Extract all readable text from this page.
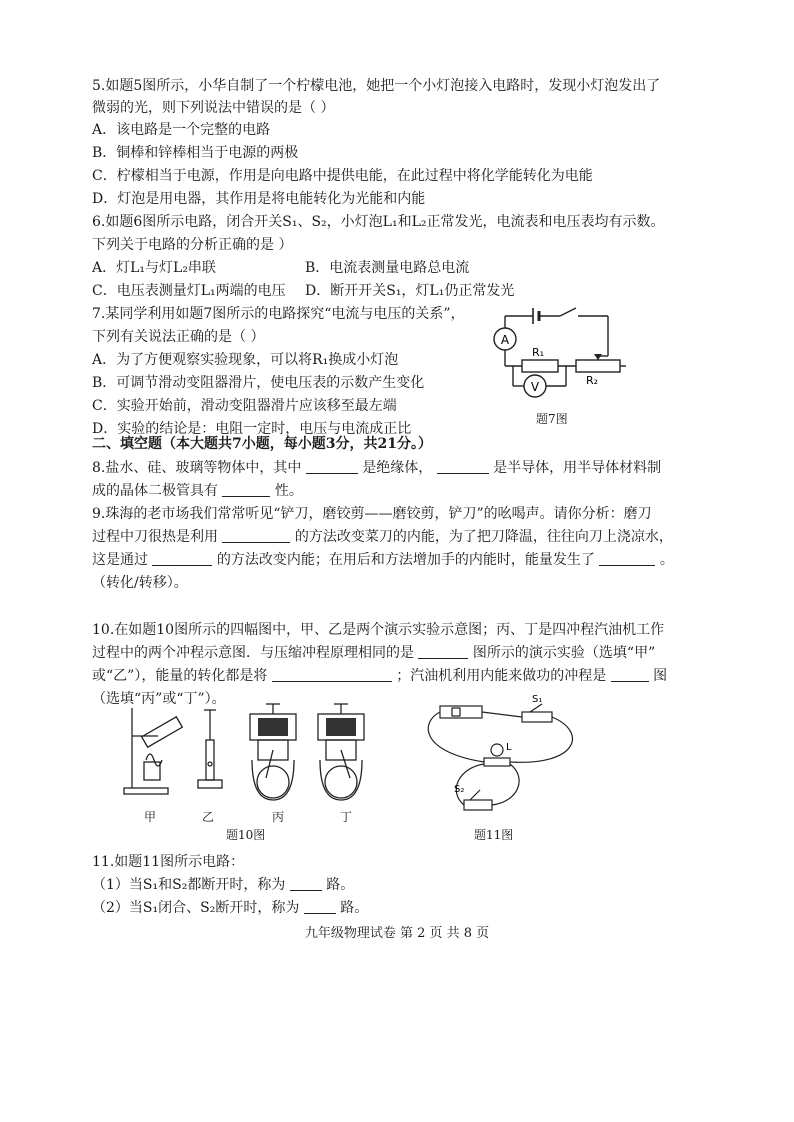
5.如题5图所示，小华自制了一个柠檬电池，她把一个小灯泡接入电路时，发现小灯泡发出了
微弱的光，则下列说法中错误的是（ ）
A．该电路是一个完整的电路
B．铜棒和锌棒相当于电源的两极
C．柠檬相当于电源，作用是向电路中提供电能，在此过程中将化学能转化为电能
D．灯泡是用电器，其作用是将电能转化为光能和内能
6.如题6图所示电路，闭合开关S₁、S₂，小灯泡L₁和L₂正常发光，电流表和电压表均有示数。
下列关于电路的分析正确的是 ）
A．灯L₁与灯L₂串联	B．电流表测量电路总电流
C．电压表测量灯L₁两端的电压 D．断开开关S₁，灯L₁仍正常发光
7.某同学利用如题7图所示的电路探究“电流与电压的关系”，
下列有关说法正确的是（ ）
A．为了方便观察实验现象，可以将R₁换成小灯泡
B．可调节滑动变阻器滑片，使电压表的示数产生变化
C．实验开始前，滑动变阻器滑片应该移至最左端
D．实验的结论是：电阻一定时，电压与电流成正比
A
V
R₁
R₂
题7图
二、填空题（本大题共7小题，每小题3分，共21分。）
8.盐水、硅、玻璃等物体中，其中	是绝缘体，	是半导体，用半导体材料制
成的晶体二极管具有	性。
9.珠海的老市场我们常常听见“铲刀，磨铰剪——磨铰剪，铲刀”的吆喝声。请你分析：磨刀
过程中刀很热是利用	的方法改变菜刀的内能，为了把刀降温，往往向刀上浇凉水，
这是通过	的方法改变内能；在用后和方法增加手的内能时，能量发生了	。
（转化/转移）。
10.在如题10图所示的四幅图中，甲、乙是两个演示实验示意图；丙、丁是四冲程汽油机工作
过程中的两个冲程示意图．与压缩冲程原理相同的是	图所示的演示实验（选填“甲”
或“乙”），能量的转化都是将	；汽油机利用内能来做功的冲程是	图
（选填“丙”或“丁”）。
甲	乙	丙	丁
题10图
S₁
S₂
L
题11图
11.如题11图所示电路：
（1）当S₁和S₂都断开时，称为	路。
（2）当S₁闭合、S₂断开时，称为	路。
九年级物理试卷 第 2 页 共 8 页
